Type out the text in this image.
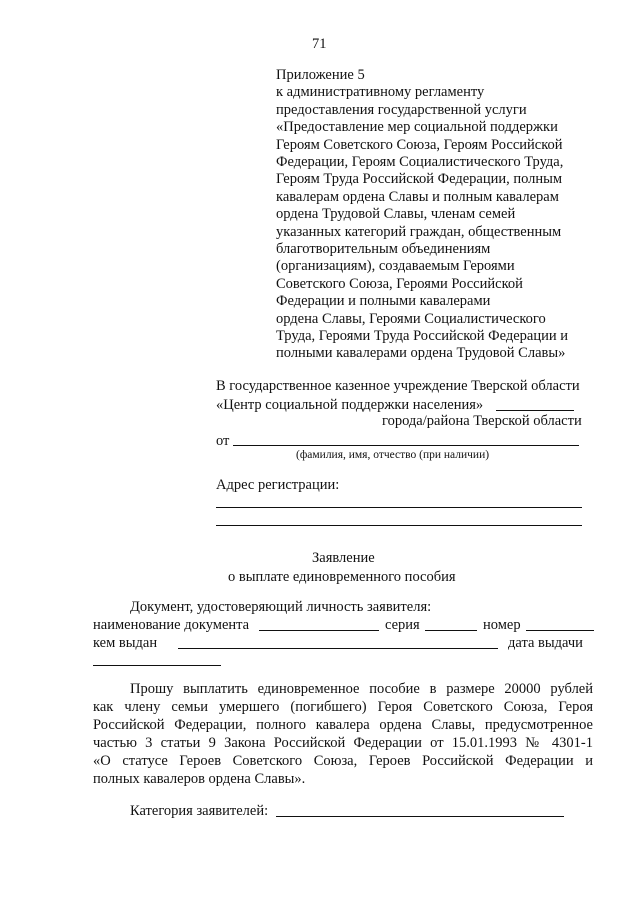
71
Приложение 5
к административному регламенту
предоставления государственной услуги
«Предоставление мер социальной поддержки
Героям Советского Союза, Героям Российской
Федерации, Героям Социалистического Труда,
Героям Труда Российской Федерации, полным
кавалерам ордена Славы и полным кавалерам
ордена Трудовой Славы, членам семей
указанных категорий граждан, общественным
благотворительным объединениям
(организациям), создаваемым Героями
Советского Союза, Героями Российской
Федерации и полными кавалерами
ордена Славы, Героями Социалистического
Труда, Героями Труда Российской Федерации и
полными кавалерами ордена Трудовой Славы»
В государственное казенное учреждение Тверской области
«Центр социальной поддержки населения»
города/района Тверской области
от
(фамилия, имя, отчество (при наличии)
Адрес регистрации:
Заявление
о выплате единовременного пособия
Документ, удостоверяющий личность заявителя:
наименование документа	серия	номер
кем выдан	дата выдачи
Прошу выплатить единовременное пособие в размере 20000 рублей
как члену семьи умершего (погибшего) Героя Советского Союза, Героя
Российской Федерации, полного кавалера ордена Славы, предусмотренное
частью 3 статьи 9 Закона Российской Федерации от 15.01.1993 № 4301-1
«О статусе Героев Советского Союза, Героев Российской Федерации и
полных кавалеров ордена Славы».
Категория заявителей:
